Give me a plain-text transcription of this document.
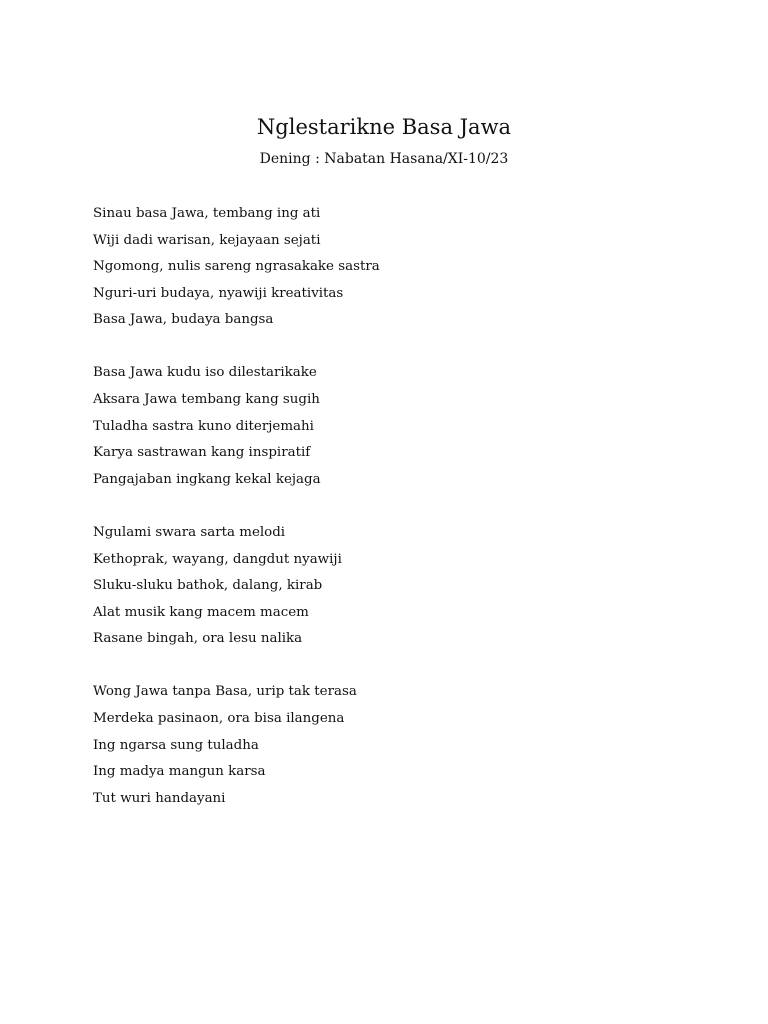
Nglestarikne Basa Jawa
Dening : Nabatan Hasana/XI-10/23
Sinau basa Jawa, tembang ing ati
Wiji dadi warisan, kejayaan sejati
Ngomong, nulis sareng ngrasakake sastra
Nguri-uri budaya, nyawiji kreativitas
Basa Jawa, budaya bangsa
Basa Jawa kudu iso dilestarikake
Aksara Jawa tembang kang sugih
Tuladha sastra kuno diterjemahi
Karya sastrawan kang inspiratif
Pangajaban ingkang kekal kejaga
Ngulami swara sarta melodi
Kethoprak, wayang, dangdut nyawiji
Sluku-sluku bathok, dalang, kirab
Alat musik kang macem macem
Rasane bingah, ora lesu nalika
Wong Jawa tanpa Basa, urip tak terasa
Merdeka pasinaon, ora bisa ilangena
Ing ngarsa sung tuladha
Ing madya mangun karsa
Tut wuri handayani
